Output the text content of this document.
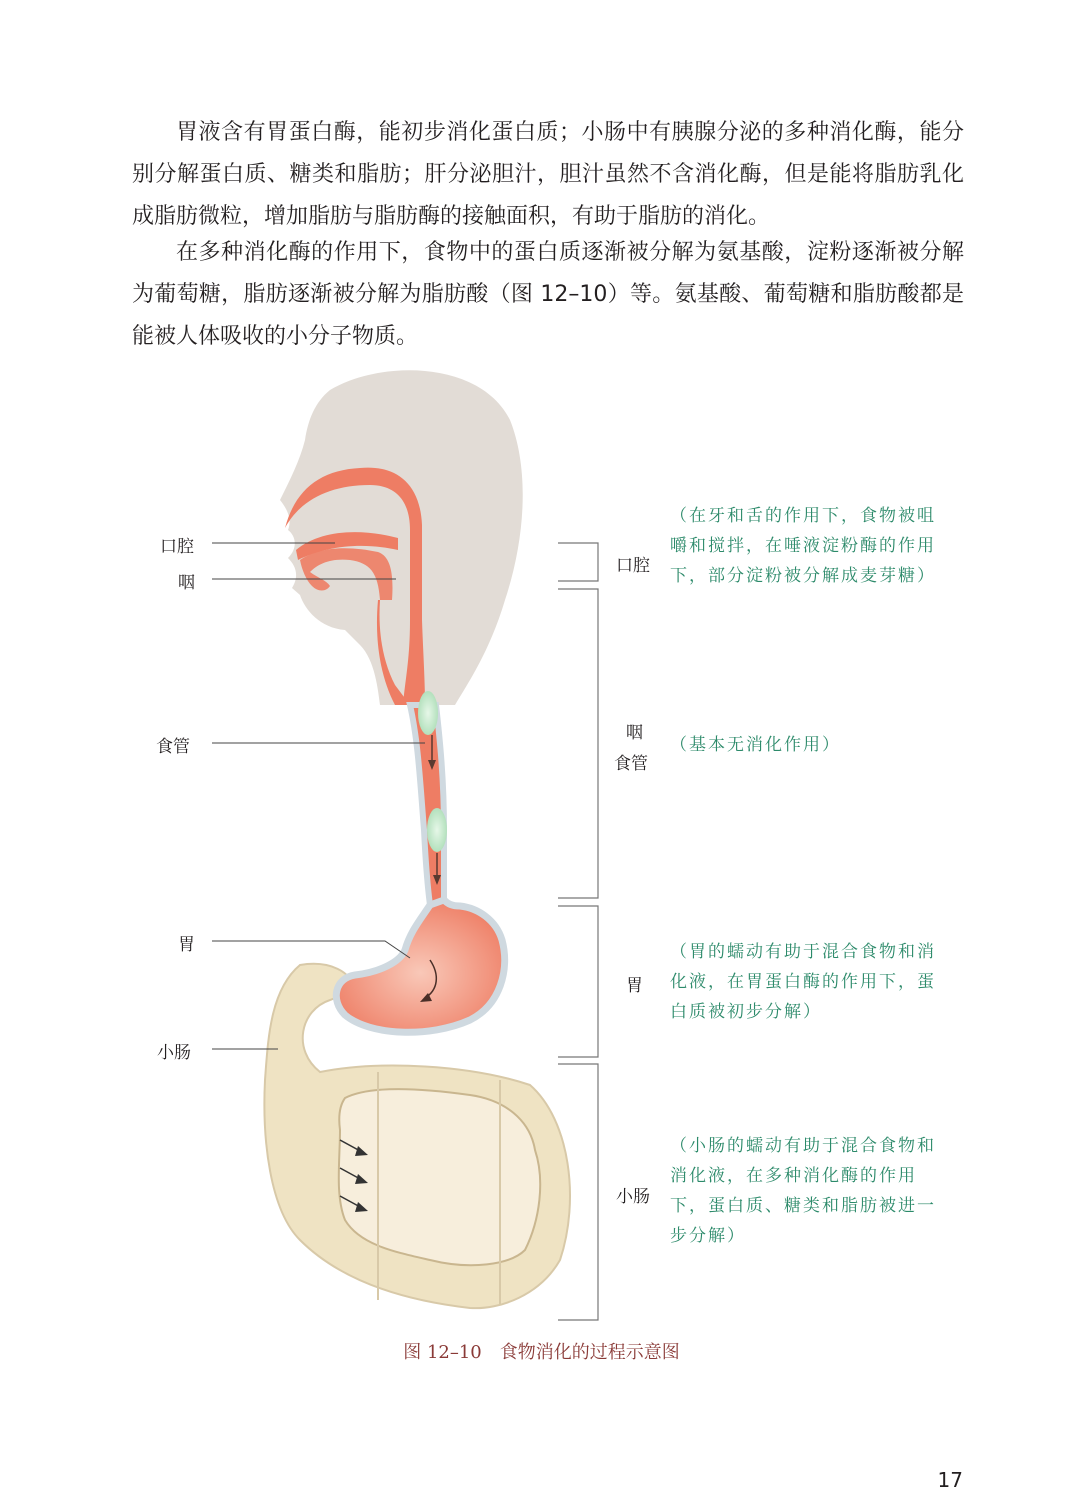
胃液含有胃蛋白酶，能初步消化蛋白质；小肠中有胰腺分泌的多种消化酶，能分别分解蛋白质、糖类和脂肪；肝分泌胆汁，胆汁虽然不含消化酶，但是能将脂肪乳化成脂肪微粒，增加脂肪与脂肪酶的接触面积，有助于脂肪的消化。

在多种消化酶的作用下，食物中的蛋白质逐渐被分解为氨基酸，淀粉逐渐被分解为葡萄糖，脂肪逐渐被分解为脂肪酸（图 12–10）等。氨基酸、葡萄糖和脂肪酸都是能被人体吸收的小分子物质。

口腔
咽
食管
胃
小肠
口腔
咽
食管
胃
小肠
（在牙和舌的作用下，食物被咀嚼和搅拌，在唾液淀粉酶的作用下，部分淀粉被分解成麦芽糖）
（基本无消化作用）
（胃的蠕动有助于混合食物和消化液，在胃蛋白酶的作用下，蛋白质被初步分解）
（小肠的蠕动有助于混合食物和消化液，在多种消化酶的作用下，蛋白质、糖类和脂肪被进一步分解）
图 12–10　食物消化的过程示意图
17
